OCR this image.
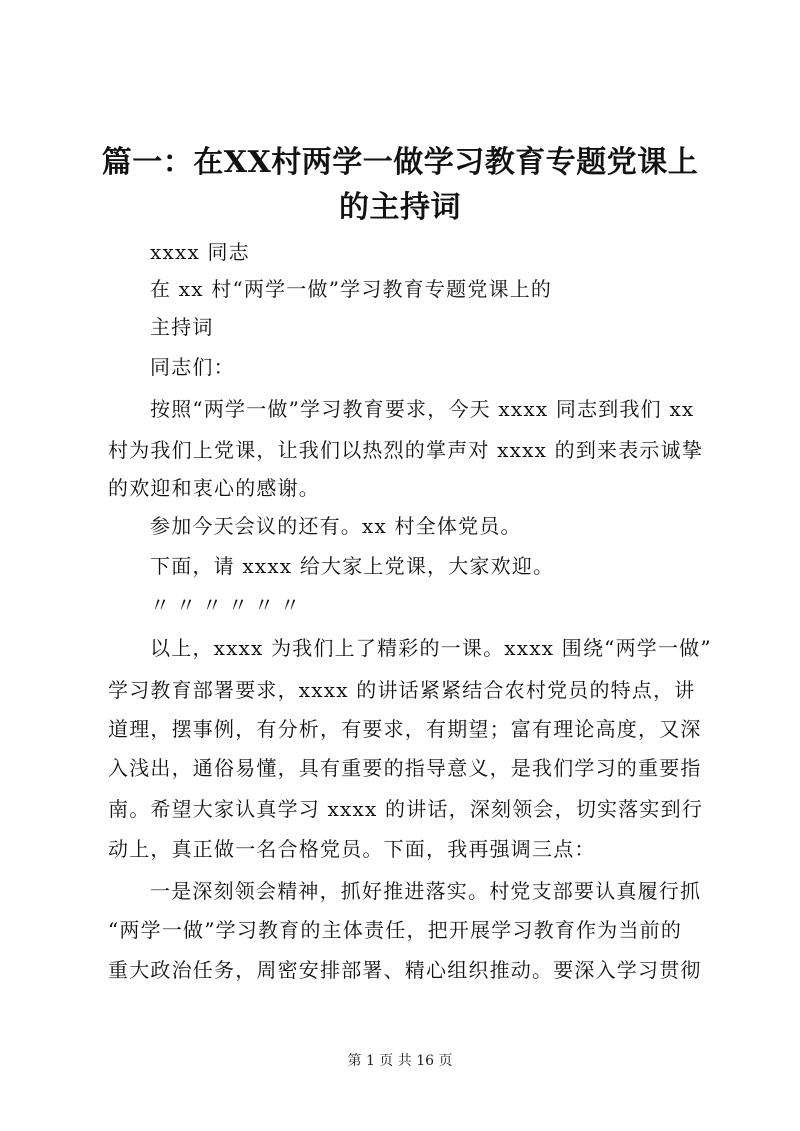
篇一：在XX村两学一做学习教育专题党课上
的主持词
xxxx 同志
在 xx 村“两学一做”学习教育专题党课上的
主持词
同志们：
按照“两学一做”学习教育要求，今天 xxxx 同志到我们 xx
村为我们上党课，让我们以热烈的掌声对 xxxx 的到来表示诚挚
的欢迎和衷心的感谢。
参加今天会议的还有。xx 村全体党员。
下面，请 xxxx 给大家上党课，大家欢迎。
〃〃〃〃〃〃
以上，xxxx 为我们上了精彩的一课。xxxx 围绕“两学一做”
学习教育部署要求，xxxx 的讲话紧紧结合农村党员的特点，讲
道理，摆事例，有分析，有要求，有期望；富有理论高度，又深
入浅出，通俗易懂，具有重要的指导意义，是我们学习的重要指
南。希望大家认真学习 xxxx 的讲话，深刻领会，切实落实到行
动上，真正做一名合格党员。下面，我再强调三点：
一是深刻领会精神，抓好推进落实。村党支部要认真履行抓
“两学一做”学习教育的主体责任，把开展学习教育作为当前的
重大政治任务，周密安排部署、精心组织推动。要深入学习贯彻
第 1 页 共 16 页
